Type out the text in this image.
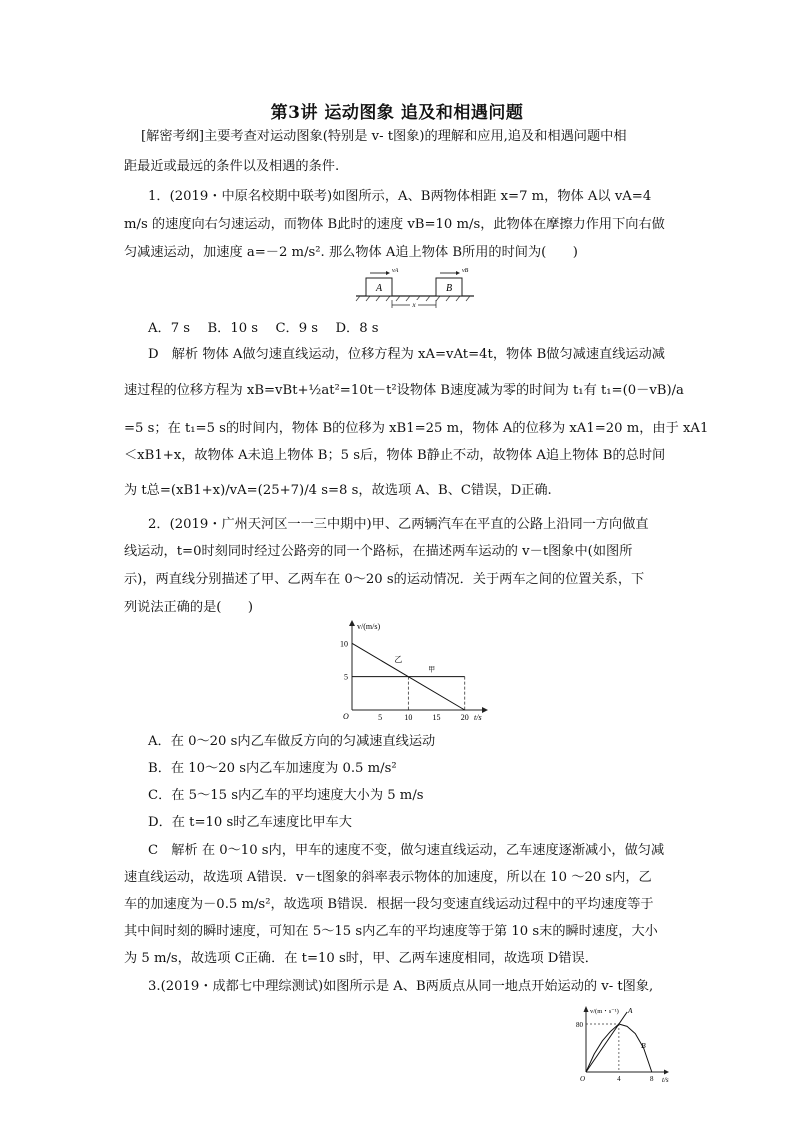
第3讲 运动图象 追及和相遇问题
[解密考纲]主要考查对运动图象(特别是 v- t图象)的理解和应用,追及和相遇问题中相
距最近或最远的条件以及相遇的条件.
1．(2019・中原名校期中联考)如图所示，A、B两物体相距 x=7 m，物体 A以 vA=4
m/s 的速度向右匀速运动，而物体 B此时的速度 vB=10 m/s，此物体在摩擦力作用下向右做
匀减速运动，加速度 a=－2 m/s². 那么物体 A追上物体 B所用的时间为(　　)
A	B
vA	vB
x
A．7 s　 B．10 s　 C．9 s　 D．8 s
D　解析 物体 A做匀速直线运动，位移方程为 xA=vAt=4t，物体 B做匀减速直线运动减
速过程的位移方程为 xB=vBt+½at²=10t－t²设物体 B速度减为零的时间为 t₁有 t₁=(0－vB)/a
=5 s；在 t₁=5 s的时间内，物体 B的位移为 xB1=25 m，物体 A的位移为 xA1=20 m，由于 xA1
＜xB1+x，故物体 A未追上物体 B；5 s后，物体 B静止不动，故物体 A追上物体 B的总时间
为 t总=(xB1+x)/vA=(25+7)/4 s=8 s，故选项 A、B、C错误，D正确.
2．(2019・广州天河区一一三中期中)甲、乙两辆汽车在平直的公路上沿同一方向做直
线运动，t=0时刻同时经过公路旁的同一个路标，在描述两车运动的 v－t图象中(如图所
示)，两直线分别描述了甲、乙两车在 0～20 s的运动情况．关于两车之间的位置关系，下
列说法正确的是(　　)
v/(m/s)
t/s
O	5	10	15	20
5
10
乙
甲
A．在 0～20 s内乙车做反方向的匀减速直线运动
B．在 10～20 s内乙车加速度为 0.5 m/s²
C．在 5～15 s内乙车的平均速度大小为 5 m/s
D．在 t=10 s时乙车速度比甲车大
C　解析 在 0～10 s内，甲车的速度不变，做匀速直线运动，乙车速度逐渐减小，做匀减
速直线运动，故选项 A错误．v－t图象的斜率表示物体的加速度，所以在 10 ～20 s内，乙
车的加速度为－0.5 m/s²，故选项 B错误．根据一段匀变速直线运动过程中的平均速度等于
其中间时刻的瞬时速度，可知在 5～15 s内乙车的平均速度等于第 10 s末的瞬时速度，大小
为 5 m/s，故选项 C正确．在 t=10 s时，甲、乙两车速度相同，故选项 D错误．
3.(2019・成都七中理综测试)如图所示是 A、B两质点从同一地点开始运动的 v- t图象,
v/(m・s⁻¹)
t/s
O	4	8
80
A
B
